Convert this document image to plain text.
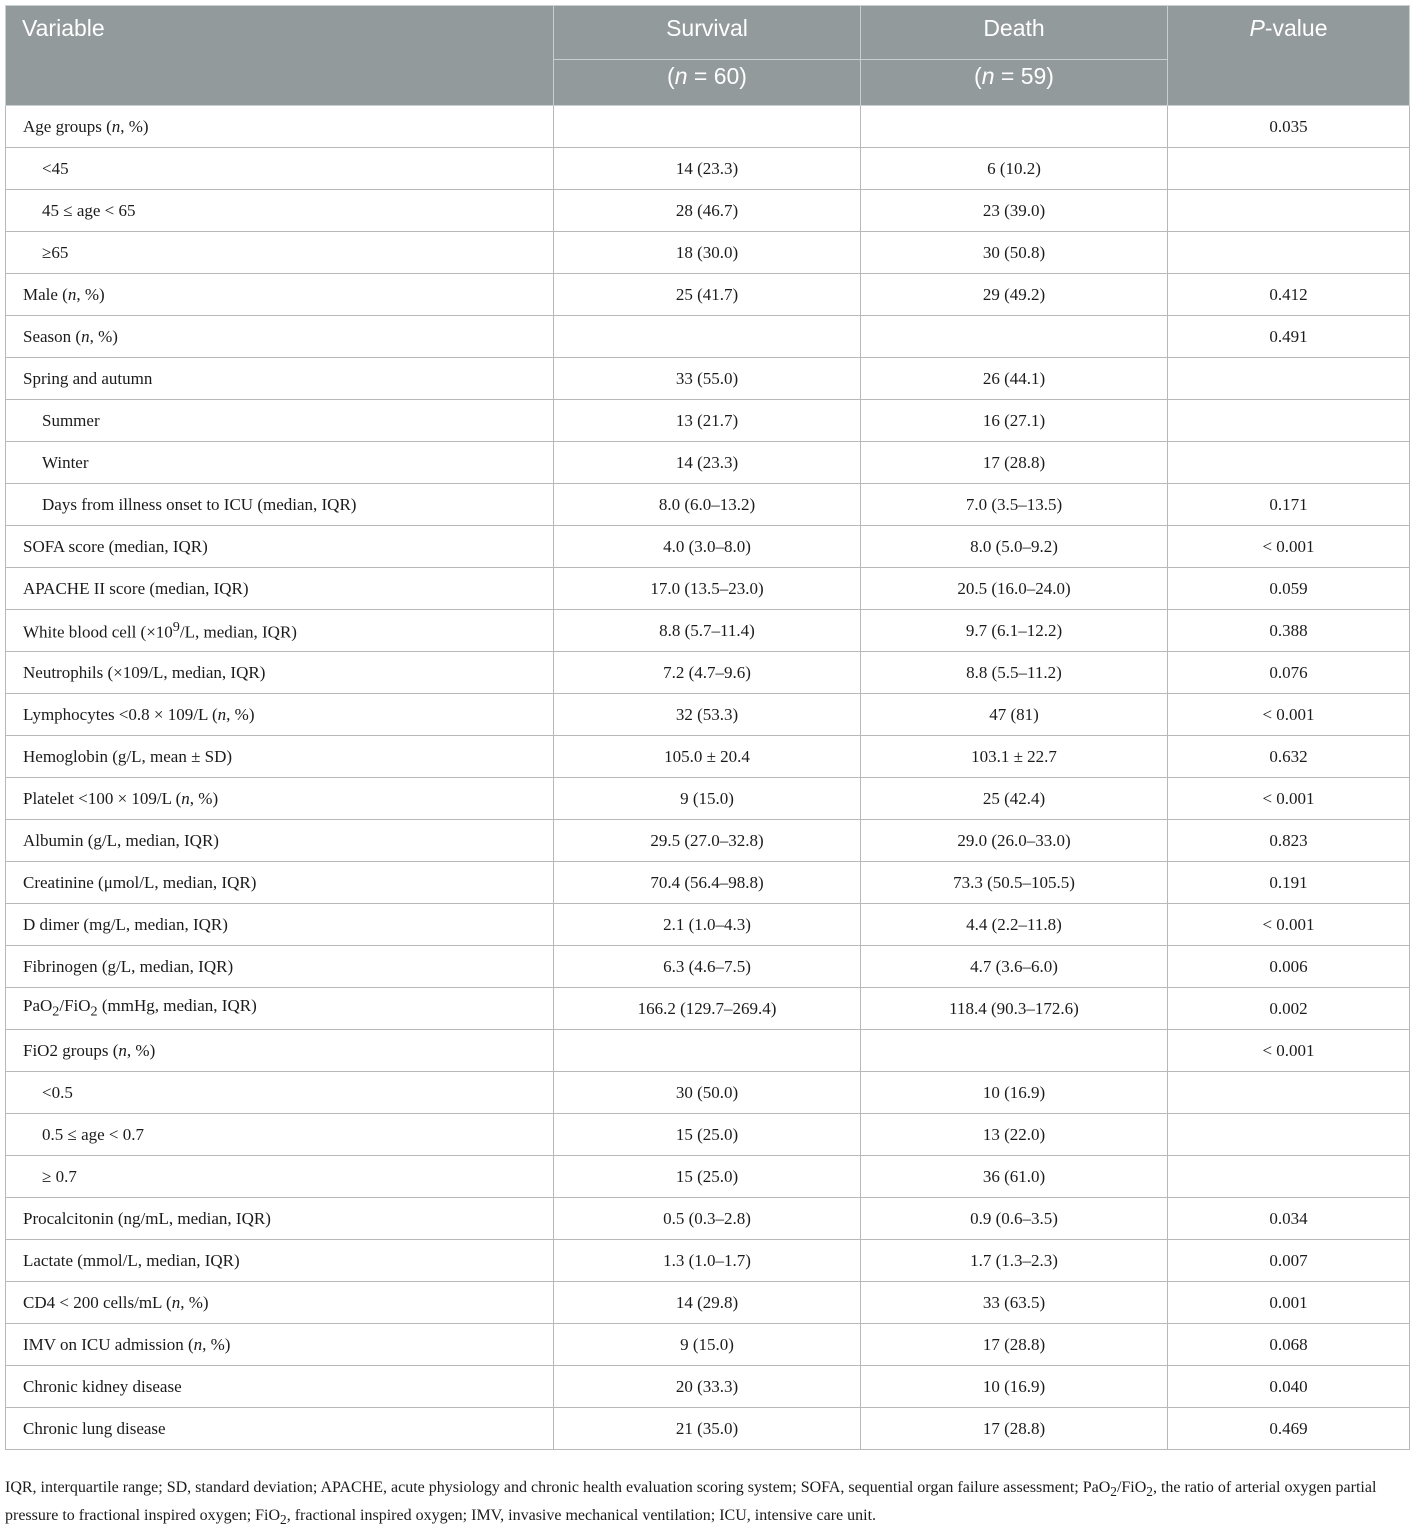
Variable	Survival	Death	P-value
	(n = 60)	(n = 59)	
Age groups (n, %)			0.035
<45	14 (23.3)	6 (10.2)	
45 ≤ age < 65	28 (46.7)	23 (39.0)	
≥65	18 (30.0)	30 (50.8)	
Male (n, %)	25 (41.7)	29 (49.2)	0.412
Season (n, %)			0.491
Spring and autumn	33 (55.0)	26 (44.1)	
Summer	13 (21.7)	16 (27.1)	
Winter	14 (23.3)	17 (28.8)	
Days from illness onset to ICU (median, IQR)	8.0 (6.0–13.2)	7.0 (3.5–13.5)	0.171
SOFA score (median, IQR)	4.0 (3.0–8.0)	8.0 (5.0–9.2)	< 0.001
APACHE II score (median, IQR)	17.0 (13.5–23.0)	20.5 (16.0–24.0)	0.059
White blood cell ($\times 10^9/L$, median, IQR)	8.8 (5.7–11.4)	9.7 (6.1–12.2)	0.388
Neutrophils (×109/L, median, IQR)	7.2 (4.7–9.6)	8.8 (5.5–11.2)	0.076
Lymphocytes <0.8 × 109/L (n, %)	32 (53.3)	47 (81)	< 0.001
Hemoglobin (g/L, mean ± SD)	105.0 ± 20.4	103.1 ± 22.7	0.632
Platelet <100 × 109/L (n, %)	9 (15.0)	25 (42.4)	< 0.001
Albumin (g/L, median, IQR)	29.5 (27.0–32.8)	29.0 (26.0–33.0)	0.823
Creatinine (μmol/L, median, IQR)	70.4 (56.4–98.8)	73.3 (50.5–105.5)	0.191
D dimer (mg/L, median, IQR)	2.1 (1.0–4.3)	4.4 (2.2–11.8)	< 0.001
Fibrinogen (g/L, median, IQR)	6.3 (4.6–7.5)	4.7 (3.6–6.0)	0.006
PaO$_2$/FiO$_2$ (mmHg, median, IQR)	166.2 (129.7–269.4)	118.4 (90.3–172.6)	0.002
FiO2 groups (n, %)			< 0.001
<0.5	30 (50.0)	10 (16.9)	
0.5 ≤ age < 0.7	15 (25.0)	13 (22.0)	
≥ 0.7	15 (25.0)	36 (61.0)	
Procalcitonin (ng/mL, median, IQR)	0.5 (0.3–2.8)	0.9 (0.6–3.5)	0.034
Lactate (mmol/L, median, IQR)	1.3 (1.0–1.7)	1.7 (1.3–2.3)	0.007
CD4 < 200 cells/mL (n, %)	14 (29.8)	33 (63.5)	0.001
IMV on ICU admission (n, %)	9 (15.0)	17 (28.8)	0.068
Chronic kidney disease	20 (33.3)	10 (16.9)	0.040
Chronic lung disease	21 (35.0)	17 (28.8)	0.469
IQR, interquartile range; SD, standard deviation; APACHE, acute physiology and chronic health evaluation scoring system; SOFA, sequential organ failure assessment; PaO$_2$/FiO$_2$, the ratio of arterial oxygen partial pressure to fractional inspired oxygen; FiO$_2$, fractional inspired oxygen; IMV, invasive mechanical ventilation; ICU, intensive care unit.
